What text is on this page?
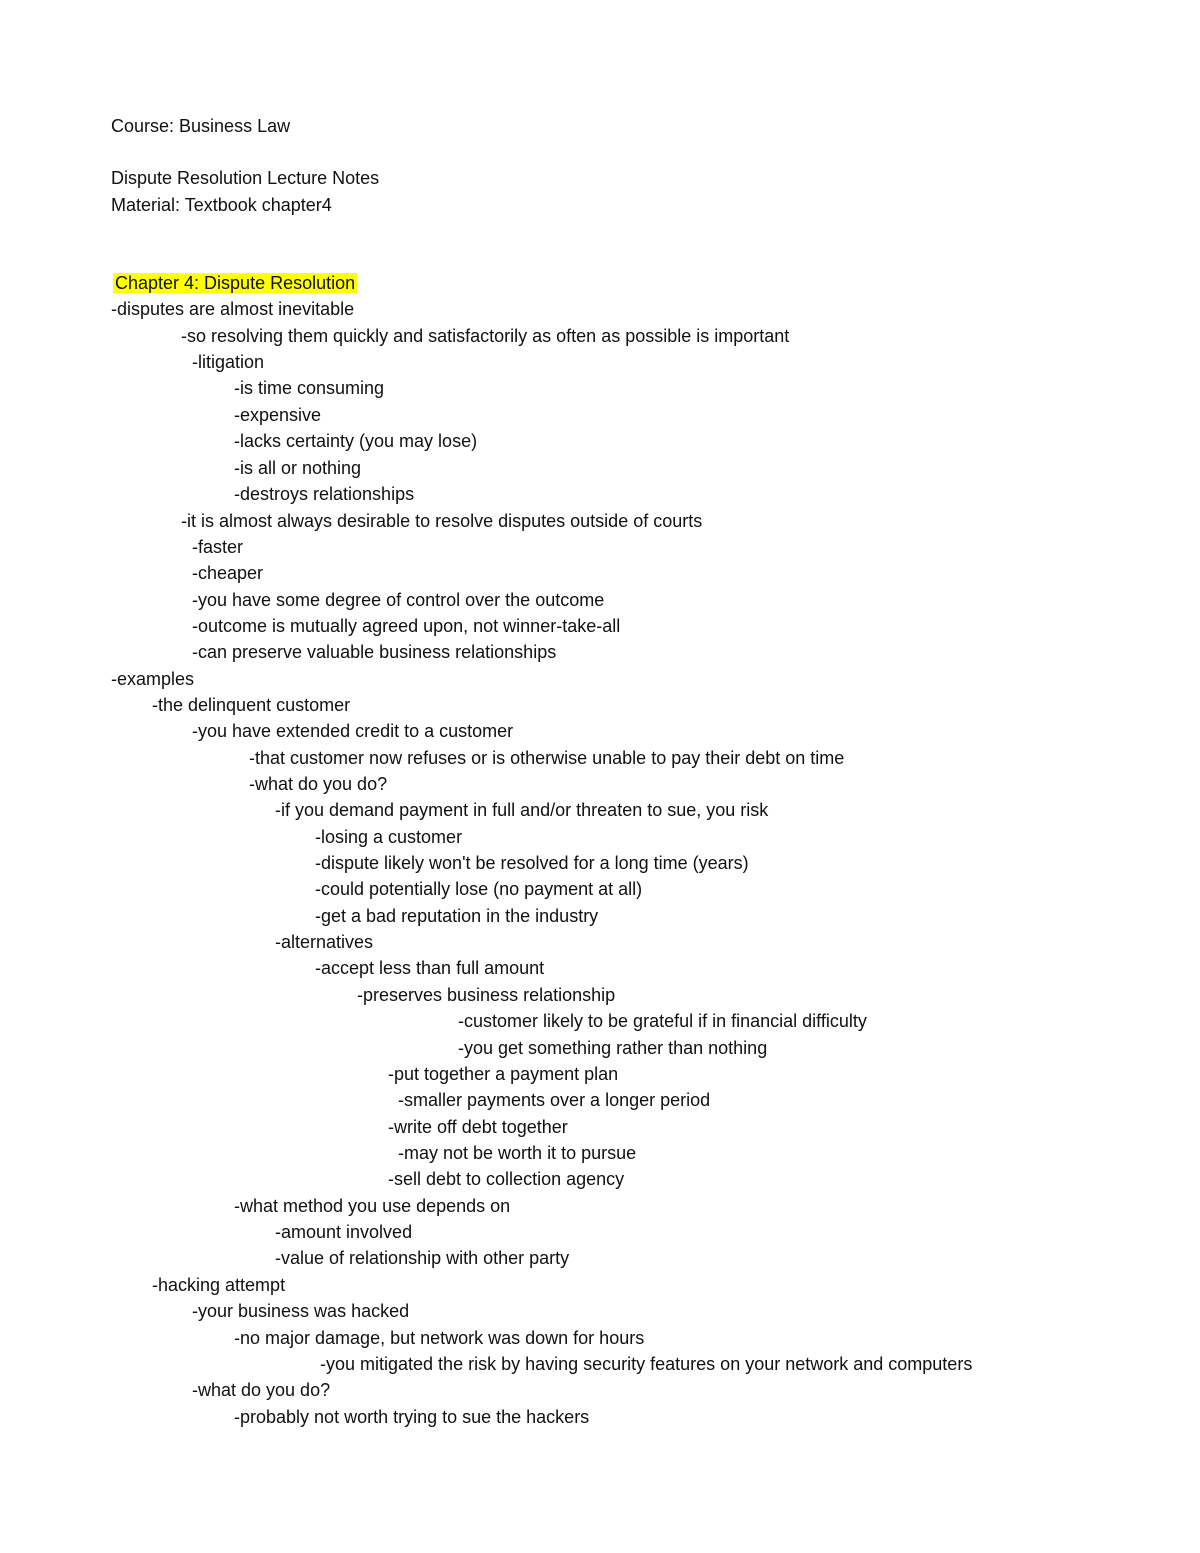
Course: Business Law
Dispute Resolution Lecture Notes
Material: Textbook chapter4
Chapter 4: Dispute Resolution
-disputes are almost inevitable
-so resolving them quickly and satisfactorily as often as possible is important
-litigation
-is time consuming
-expensive
-lacks certainty (you may lose)
-is all or nothing
-destroys relationships
-it is almost always desirable to resolve disputes outside of courts
-faster
-cheaper
-you have some degree of control over the outcome
-outcome is mutually agreed upon, not winner-take-all
-can preserve valuable business relationships
-examples
-the delinquent customer
-you have extended credit to a customer
-that customer now refuses or is otherwise unable to pay their debt on time
-what do you do?
-if you demand payment in full and/or threaten to sue, you risk
-losing a customer
-dispute likely won't be resolved for a long time (years)
-could potentially lose (no payment at all)
-get a bad reputation in the industry
-alternatives
-accept less than full amount
-preserves business relationship
-customer likely to be grateful if in financial difficulty
-you get something rather than nothing
-put together a payment plan
-smaller payments over a longer period
-write off debt together
-may not be worth it to pursue
-sell debt to collection agency
-what method you use depends on
-amount involved
-value of relationship with other party
-hacking attempt
-your business was hacked
-no major damage, but network was down for hours
-you mitigated the risk by having security features on your network and computers
-what do you do?
-probably not worth trying to sue the hackers
